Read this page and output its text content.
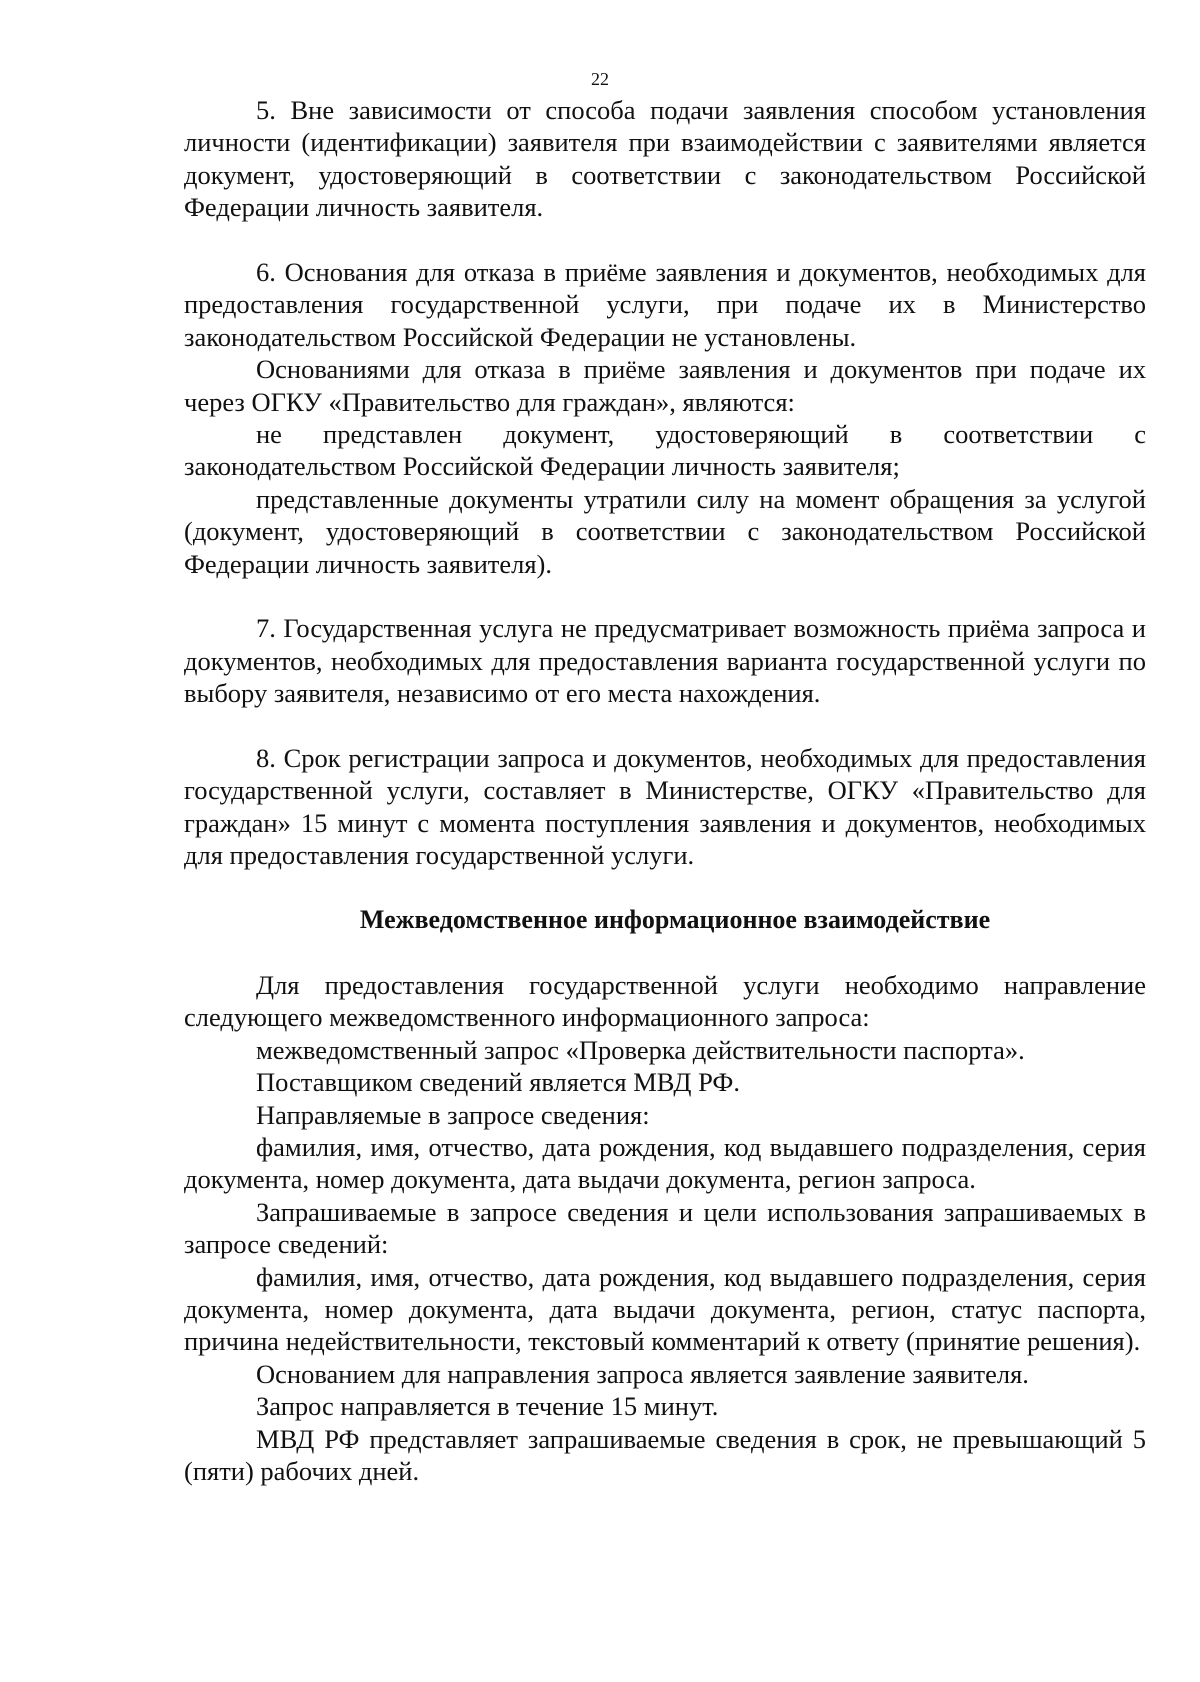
22

5. Вне зависимости от способа подачи заявления способом установления личности (идентификации) заявителя при взаимодействии с заявителями является документ, удостоверяющий в соответствии с законодательством Российской Федерации личность заявителя.

6. Основания для отказа в приёме заявления и документов, необходимых для предоставления государственной услуги, при подаче их в Министерство законодательством Российской Федерации не установлены.

Основаниями для отказа в приёме заявления и документов при подаче их через ОГКУ «Правительство для граждан», являются:

не представлен документ, удостоверяющий в соответствии с законодательством Российской Федерации личность заявителя;

представленные документы утратили силу на момент обращения за услугой (документ, удостоверяющий в соответствии с законодательством Российской Федерации личность заявителя).

7. Государственная услуга не предусматривает возможность приёма запроса и документов, необходимых для предоставления варианта государственной услуги по выбору заявителя, независимо от его места нахождения.

8. Срок регистрации запроса и документов, необходимых для предоставления государственной услуги, составляет в Министерстве, ОГКУ «Правительство для граждан» 15 минут с момента поступления заявления и документов, необходимых для предоставления государственной услуги.

Межведомственное информационное взаимодействие

Для предоставления государственной услуги необходимо направление следующего межведомственного информационного запроса:

межведомственный запрос «Проверка действительности паспорта».

Поставщиком сведений является МВД РФ.

Направляемые в запросе сведения:

фамилия, имя, отчество, дата рождения, код выдавшего подразделения, серия документа, номер документа, дата выдачи документа, регион запроса.

Запрашиваемые в запросе сведения и цели использования запрашиваемых в запросе сведений:

фамилия, имя, отчество, дата рождения, код выдавшего подразделения, серия документа, номер документа, дата выдачи документа, регион, статус паспорта, причина недействительности, текстовый комментарий к ответу (принятие решения).

Основанием для направления запроса является заявление заявителя.

Запрос направляется в течение 15 минут.

МВД РФ представляет запрашиваемые сведения в срок, не превышающий 5 (пяти) рабочих дней.
